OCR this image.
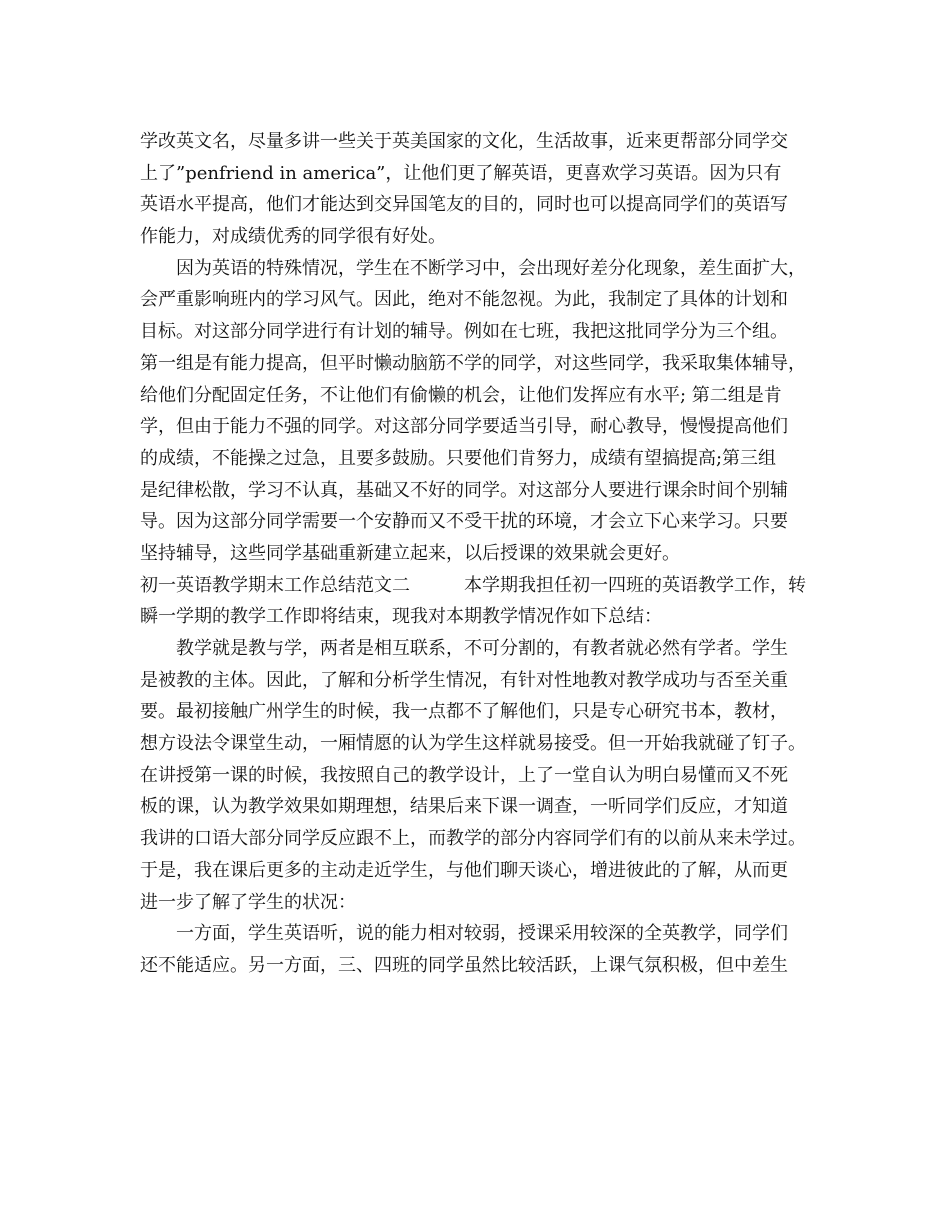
学改英文名，尽量多讲一些关于英美国家的文化，生活故事，近来更帮部分同学交
上了”penfriend in america”，让他们更了解英语，更喜欢学习英语。因为只有
英语水平提高，他们才能达到交异国笔友的目的，同时也可以提高同学们的英语写
作能力，对成绩优秀的同学很有好处。
　　因为英语的特殊情况，学生在不断学习中，会出现好差分化现象，差生面扩大，
会严重影响班内的学习风气。因此，绝对不能忽视。为此，我制定了具体的计划和
目标。对这部分同学进行有计划的辅导。例如在七班，我把这批同学分为三个组。
第一组是有能力提高，但平时懒动脑筋不学的同学，对这些同学，我采取集体辅导，
给他们分配固定任务，不让他们有偷懒的机会，让他们发挥应有水平; 第二组是肯
学，但由于能力不强的同学。对这部分同学要适当引导，耐心教导，慢慢提高他们
的成绩，不能操之过急，且要多鼓励。只要他们肯努力，成绩有望搞提高;第三组
是纪律松散，学习不认真，基础又不好的同学。对这部分人要进行课余时间个别辅
导。因为这部分同学需要一个安静而又不受干扰的环境，才会立下心来学习。只要
坚持辅导，这些同学基础重新建立起来，以后授课的效果就会更好。
初一英语教学期末工作总结范文二　　　本学期我担任初一四班的英语教学工作，转
瞬一学期的教学工作即将结束，现我对本期教学情况作如下总结：
　　教学就是教与学，两者是相互联系，不可分割的，有教者就必然有学者。学生
是被教的主体。因此，了解和分析学生情况，有针对性地教对教学成功与否至关重
要。最初接触广州学生的时候，我一点都不了解他们，只是专心研究书本，教材，
想方设法令课堂生动，一厢情愿的认为学生这样就易接受。但一开始我就碰了钉子。
在讲授第一课的时候，我按照自己的教学设计，上了一堂自认为明白易懂而又不死
板的课，认为教学效果如期理想，结果后来下课一调查，一听同学们反应，才知道
我讲的口语大部分同学反应跟不上，而教学的部分内容同学们有的以前从来未学过。
于是，我在课后更多的主动走近学生，与他们聊天谈心，增进彼此的了解，从而更
进一步了解了学生的状况：
　　一方面，学生英语听，说的能力相对较弱，授课采用较深的全英教学，同学们
还不能适应。另一方面，三、四班的同学虽然比较活跃，上课气氛积极，但中差生
